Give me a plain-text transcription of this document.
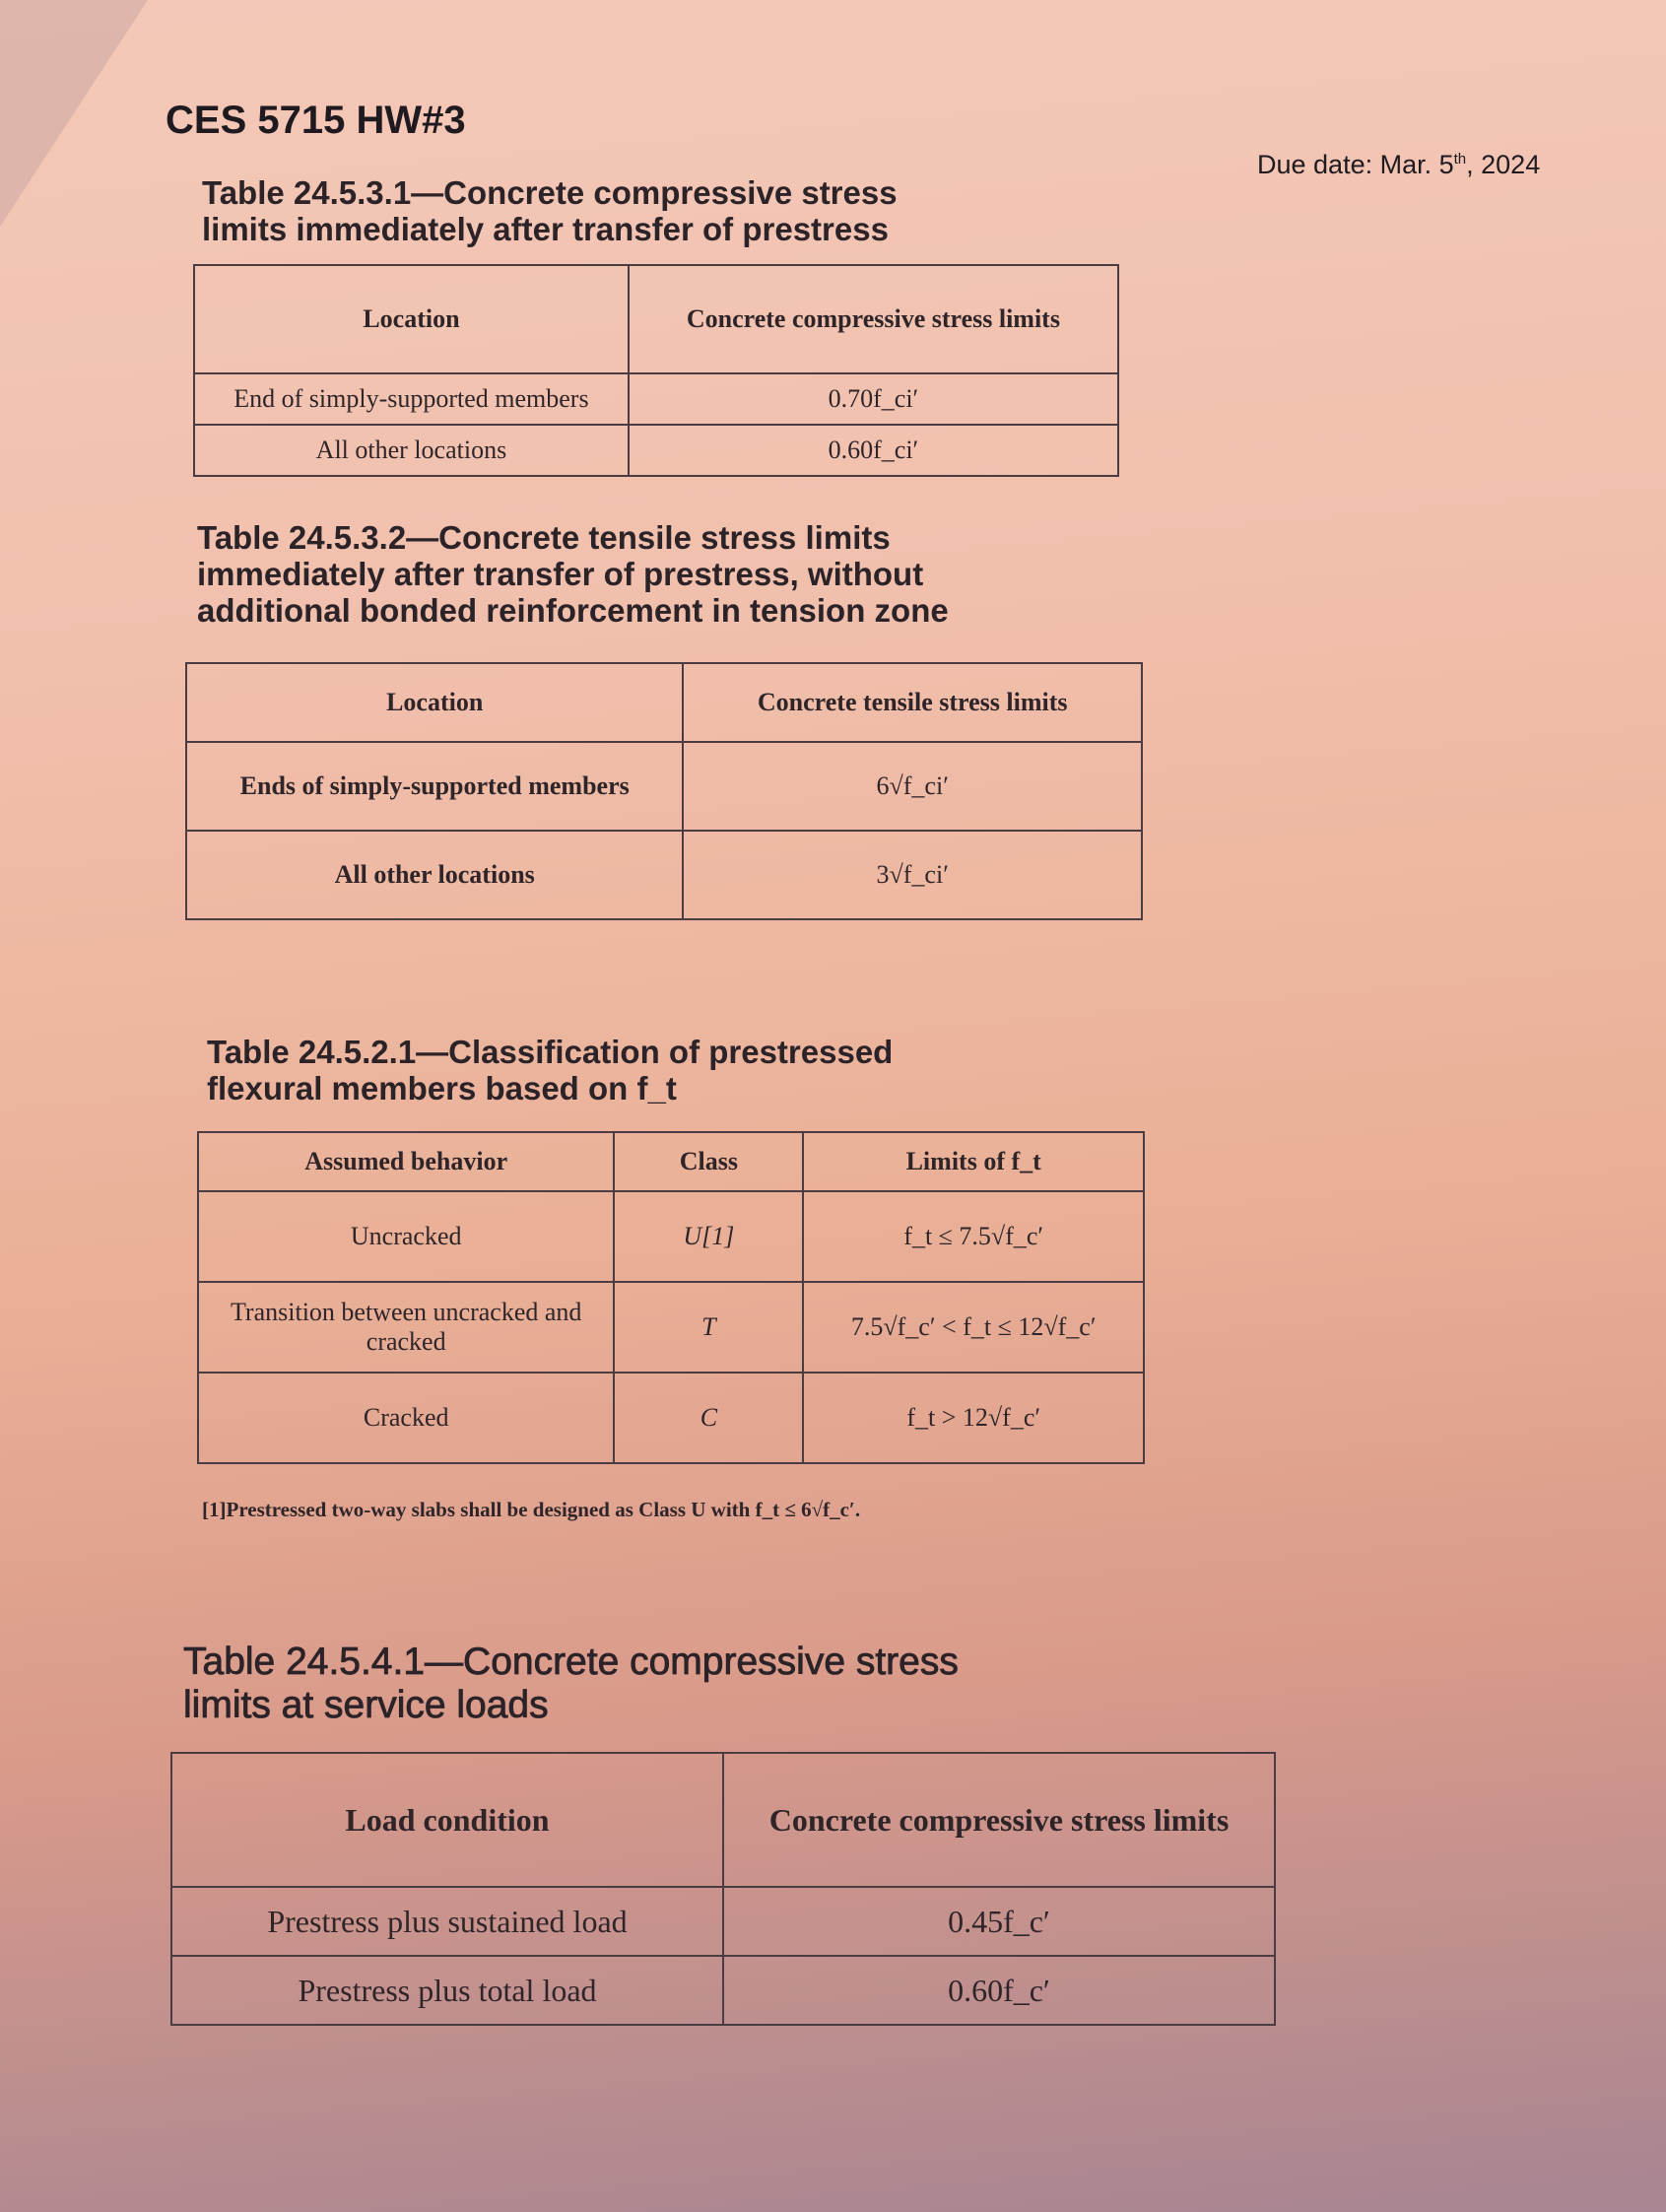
CES 5715 HW#3
Due date: Mar. 5th, 2024
Table 24.5.3.1—Concrete compressive stress
limits immediately after transfer of prestress
Location	Concrete compressive stress limits
End of simply-supported members	0.70f_ci′
All other locations	0.60f_ci′
Table 24.5.3.2—Concrete tensile stress limits
immediately after transfer of prestress, without
additional bonded reinforcement in tension zone
Location	Concrete tensile stress limits
Ends of simply-supported members	6√f_ci′
All other locations	3√f_ci′
Table 24.5.2.1—Classification of prestressed
flexural members based on f_t
Assumed behavior	Class	Limits of f_t
Uncracked	U[1]	f_t ≤ 7.5√f_c′
Transition between uncracked and cracked	T	7.5√f_c′ < f_t ≤ 12√f_c′
Cracked	C	f_t > 12√f_c′
[1]Prestressed two-way slabs shall be designed as Class U with f_t ≤ 6√f_c′.
Table 24.5.4.1—Concrete compressive stress
limits at service loads
Load condition	Concrete compressive stress limits
Prestress plus sustained load	0.45f_c′
Prestress plus total load	0.60f_c′
